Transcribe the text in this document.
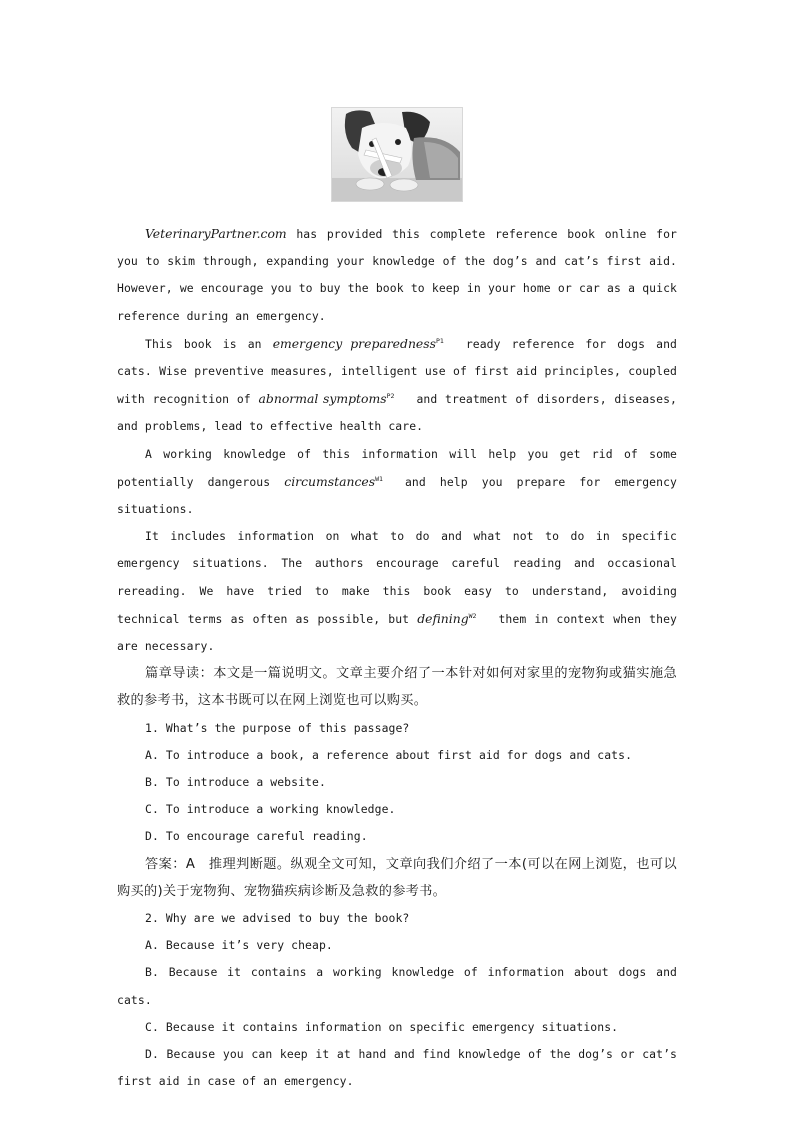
VeterinaryPartner.com has provided this complete reference book online for you to skim through, expanding your knowledge of the dog’s and cat’s first aid. However, we encourage you to buy the book to keep in your home or car as a quick reference during an emergency.

This book is an emergency preparedness$^{P1}$ ready reference for dogs and cats. Wise preventive measures, intelligent use of first aid principles, coupled with recognition of abnormal symptoms$^{P2}$ and treatment of disorders, diseases, and problems, lead to effective health care.

A working knowledge of this information will help you get rid of some potentially dangerous circumstances$^{W1}$ and help you prepare for emergency situations.

It includes information on what to do and what not to do in specific emergency situations. The authors encourage careful reading and occasional rereading. We have tried to make this book easy to understand, avoiding technical terms as often as possible, but defining$^{W2}$ them in context when they are necessary.

篇章导读：本文是一篇说明文。文章主要介绍了一本针对如何对家里的宠物狗或猫实施急救的参考书，这本书既可以在网上浏览也可以购买。

1. What’s the purpose of this passage?

A. To introduce a book, a reference about first aid for dogs and cats.

B. To introduce a website.

C. To introduce a working knowledge.

D. To encourage careful reading.

答案：A　推理判断题。纵观全文可知，文章向我们介绍了一本(可以在网上浏览，也可以购买的)关于宠物狗、宠物猫疾病诊断及急救的参考书。

2. Why are we advised to buy the book?

A. Because it’s very cheap.

B. Because it contains a working knowledge of information about dogs and cats.

C. Because it contains information on specific emergency situations.

D. Because you can keep it at hand and find knowledge of the dog’s or cat’s first aid in case of an emergency.
